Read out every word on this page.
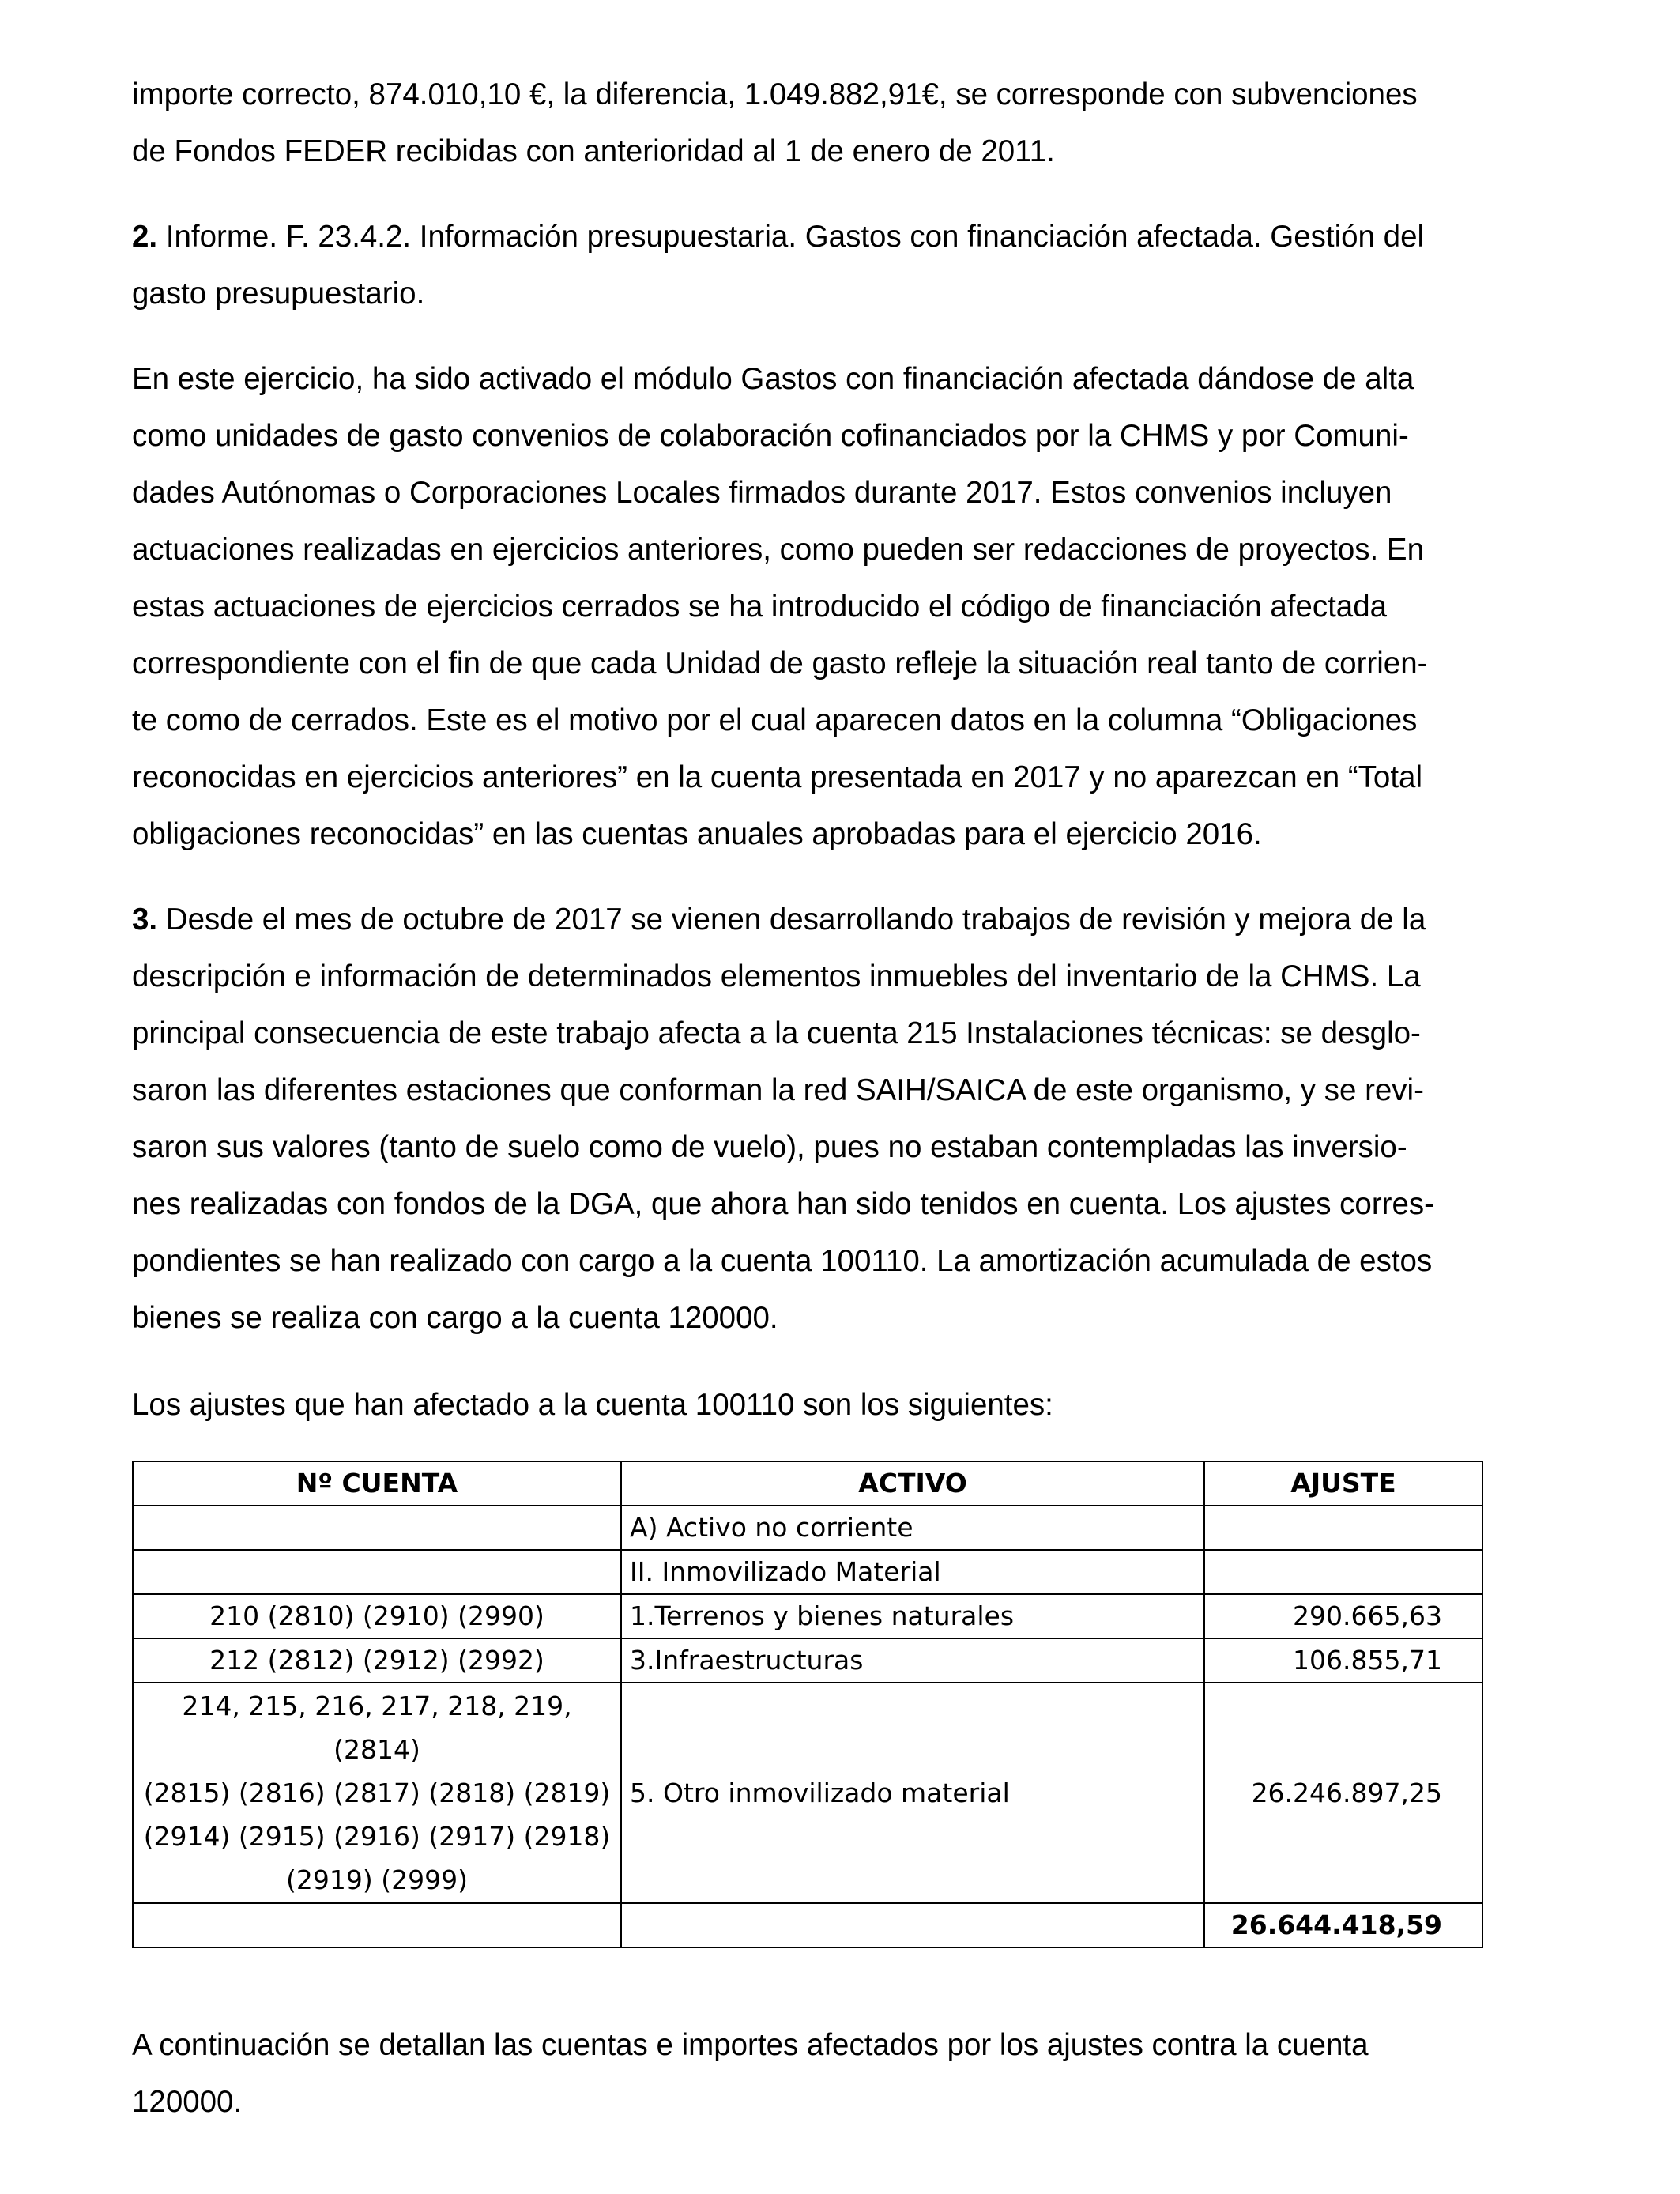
importe correcto, 874.010,10 €, la diferencia, 1.049.882,91€, se corresponde con subvenciones
de Fondos FEDER recibidas con anterioridad al 1 de enero de 2011.

2. Informe. F. 23.4.2. Información presupuestaria. Gastos con financiación afectada. Gestión del
gasto presupuestario.

En este ejercicio, ha sido activado el módulo Gastos con financiación afectada dándose de alta
como unidades de gasto convenios de colaboración cofinanciados por la CHMS y por Comuni-
dades Autónomas o Corporaciones Locales firmados durante 2017. Estos convenios incluyen
actuaciones realizadas en ejercicios anteriores, como pueden ser redacciones de proyectos. En
estas actuaciones de ejercicios cerrados se ha introducido el código de financiación afectada
correspondiente con el fin de que cada Unidad de gasto refleje la situación real tanto de corrien-
te como de cerrados. Este es el motivo por el cual aparecen datos en la columna “Obligaciones
reconocidas en ejercicios anteriores” en la cuenta presentada en 2017 y no aparezcan en “Total
obligaciones reconocidas” en las cuentas anuales aprobadas para el ejercicio 2016.

3. Desde el mes de octubre de 2017 se vienen desarrollando trabajos de revisión y mejora de la
descripción e información de determinados elementos inmuebles del inventario de la CHMS. La
principal consecuencia de este trabajo afecta a la cuenta 215 Instalaciones técnicas: se desglo-
saron las diferentes estaciones que conforman la red SAIH/SAICA de este organismo, y se revi-
saron sus valores (tanto de suelo como de vuelo), pues no estaban contempladas las inversio-
nes realizadas con fondos de la DGA, que ahora han sido tenidos en cuenta. Los ajustes corres-
pondientes se han realizado con cargo a la cuenta 100110. La amortización acumulada de estos
bienes se realiza con cargo a la cuenta 120000.

Los ajustes que han afectado a la cuenta 100110 son los siguientes:

Nº CUENTA	ACTIVO	AJUSTE
	A) Activo no corriente	
	II. Inmovilizado Material	
210 (2810) (2910) (2990)	1.Terrenos y bienes naturales	290.665,63
212 (2812) (2912) (2992)	3.Infraestructuras	106.855,71
214, 215, 216, 217, 218, 219, (2814)
(2815) (2816) (2817) (2818) (2819)
(2914) (2915) (2916) (2917) (2918)
(2919) (2999)	5. Otro inmovilizado material	26.246.897,25
		26.644.418,59

A continuación se detallan las cuentas e importes afectados por los ajustes contra la cuenta
120000.
